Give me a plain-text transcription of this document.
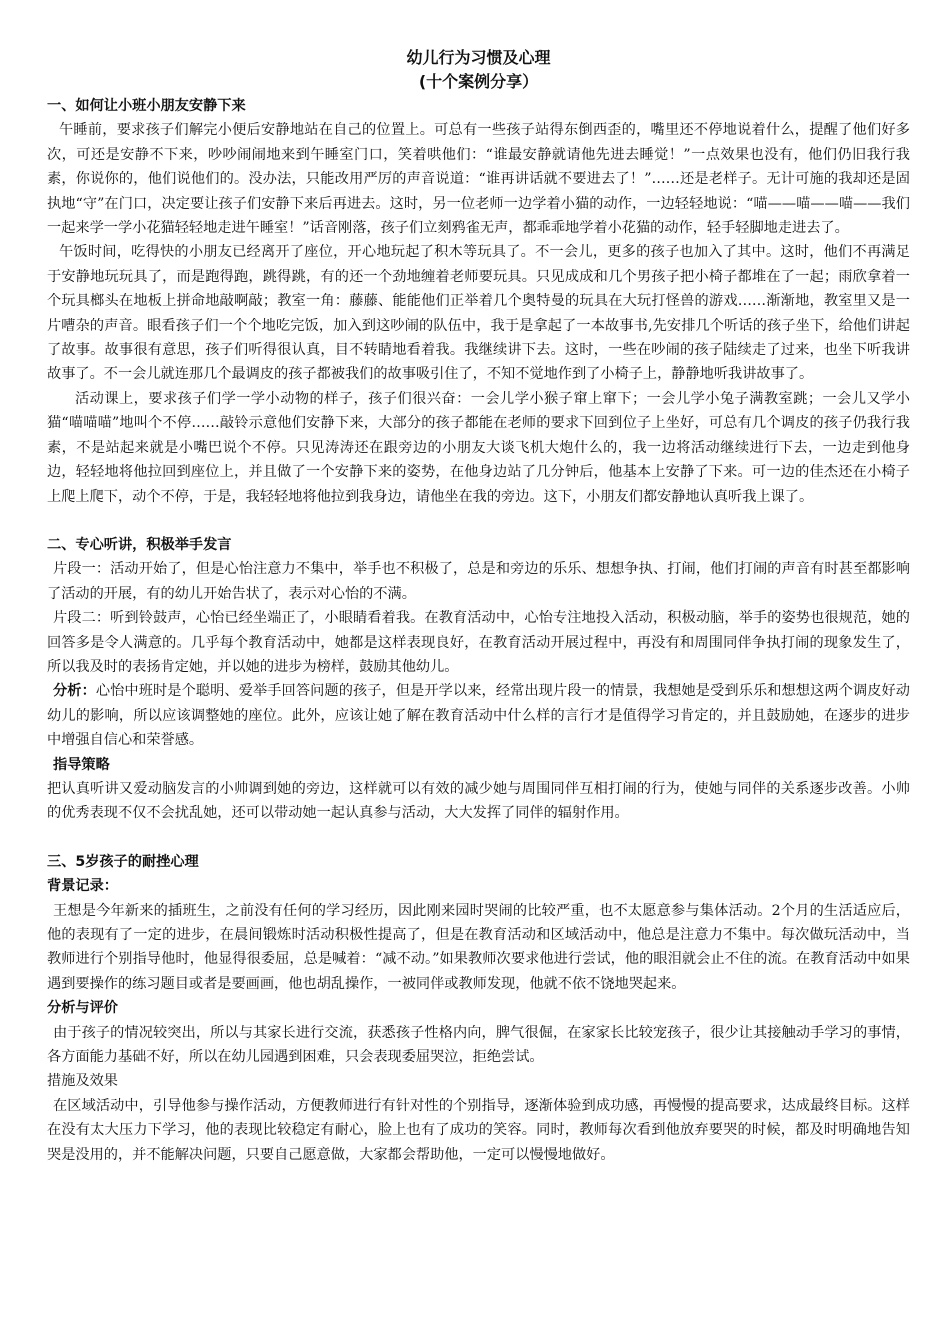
幼儿行为习惯及心理
(十个案例分享）
一、如何让小班小朋友安静下来

午睡前，要求孩子们解完小便后安静地站在自己的位置上。可总有一些孩子站得东倒西歪的，嘴里还不停地说着什么，提醒了他们好多次，可还是安静不下来，吵吵闹闹地来到午睡室门口，笑着哄他们：“谁最安静就请他先进去睡觉！”一点效果也没有，他们仍旧我行我素，你说你的，他们说他们的。没办法，只能改用严厉的声音说道：“谁再讲话就不要进去了！”……还是老样子。无计可施的我却还是固执地“守”在门口，决定要让孩子们安静下来后再进去。这时，另一位老师一边学着小猫的动作，一边轻轻地说：“喵——喵——喵——我们一起来学一学小花猫轻轻地走进午睡室！”话音刚落，孩子们立刻鸦雀无声，都乖乖地学着小花猫的动作，轻手轻脚地走进去了。

午饭时间，吃得快的小朋友已经离开了座位，开心地玩起了积木等玩具了。不一会儿，更多的孩子也加入了其中。这时，他们不再满足于安静地玩玩具了，而是跑得跑，跳得跳，有的还一个劲地缠着老师要玩具。只见成成和几个男孩子把小椅子都堆在了一起；雨欣拿着一个玩具榔头在地板上拼命地敲啊敲；教室一角：藤藤、能能他们正举着几个奥特曼的玩具在大玩打怪兽的游戏……渐渐地，教室里又是一片嘈杂的声音。眼看孩子们一个个地吃完饭，加入到这吵闹的队伍中，我于是拿起了一本故事书,先安排几个听话的孩子坐下，给他们讲起了故事。故事很有意思，孩子们听得很认真，目不转睛地看着我。我继续讲下去。这时，一些在吵闹的孩子陆续走了过来，也坐下听我讲故事了。不一会儿就连那几个最调皮的孩子都被我们的故事吸引住了，不知不觉地作到了小椅子上，静静地听我讲故事了。

活动课上，要求孩子们学一学小动物的样子，孩子们很兴奋：一会儿学小猴子窜上窜下；一会儿学小兔子满教室跳；一会儿又学小猫“喵喵喵”地叫个不停……敲铃示意他们安静下来，大部分的孩子都能在老师的要求下回到位子上坐好，可总有几个调皮的孩子仍我行我素，不是站起来就是小嘴巴说个不停。只见涛涛还在跟旁边的小朋友大谈飞机大炮什么的，我一边将活动继续进行下去，一边走到他身边，轻轻地将他拉回到座位上，并且做了一个安静下来的姿势，在他身边站了几分钟后，他基本上安静了下来。可一边的佳杰还在小椅子上爬上爬下，动个不停，于是，我轻轻地将他拉到我身边，请他坐在我的旁边。这下，小朋友们都安静地认真听我上课了。

二、专心听讲，积极举手发言

片段一：活动开始了，但是心怡注意力不集中，举手也不积极了，总是和旁边的乐乐、想想争执、打闹，他们打闹的声音有时甚至都影响了活动的开展，有的幼儿开始告状了，表示对心怡的不满。

片段二：听到铃鼓声，心怡已经坐端正了，小眼睛看着我。在教育活动中，心怡专注地投入活动，积极动脑，举手的姿势也很规范，她的回答多是令人满意的。几乎每个教育活动中，她都是这样表现良好，在教育活动开展过程中，再没有和周围同伴争执打闹的现象发生了，所以我及时的表扬肯定她，并以她的进步为榜样，鼓励其他幼儿。

分析：心怡中班时是个聪明、爱举手回答问题的孩子，但是开学以来，经常出现片段一的情景，我想她是受到乐乐和想想这两个调皮好动幼儿的影响，所以应该调整她的座位。此外，应该让她了解在教育活动中什么样的言行才是值得学习肯定的，并且鼓励她，在逐步的进步中增强自信心和荣誉感。

指导策略

把认真听讲又爱动脑发言的小帅调到她的旁边，这样就可以有效的减少她与周围同伴互相打闹的行为，使她与同伴的关系逐步改善。小帅的优秀表现不仅不会扰乱她，还可以带动她一起认真参与活动，大大发挥了同伴的辐射作用。

三、5岁孩子的耐挫心理
背景记录：

王想是今年新来的插班生，之前没有任何的学习经历，因此刚来园时哭闹的比较严重，也不太愿意参与集体活动。2个月的生活适应后，他的表现有了一定的进步，在晨间锻炼时活动积极性提高了，但是在教育活动和区域活动中，他总是注意力不集中。每次做玩活动中，当教师进行个别指导他时，他显得很委屈，总是喊着：“减不动。”如果教师次要求他进行尝试，他的眼泪就会止不住的流。在教育活动中如果遇到要操作的练习题目或者是要画画，他也胡乱操作，一被同伴或教师发现，他就不依不饶地哭起来。

分析与评价

由于孩子的情况较突出，所以与其家长进行交流，获悉孩子性格内向，脾气很倔，在家家长比较宠孩子，很少让其接触动手学习的事情，各方面能力基础不好，所以在幼儿园遇到困难，只会表现委屈哭泣，拒绝尝试。

措施及效果

在区域活动中，引导他参与操作活动，方便教师进行有针对性的个别指导，逐渐体验到成功感，再慢慢的提高要求，达成最终目标。这样在没有太大压力下学习，他的表现比较稳定有耐心，脸上也有了成功的笑容。同时，教师每次看到他放弃要哭的时候，都及时明确地告知哭是没用的，并不能解决问题，只要自己愿意做，大家都会帮助他，一定可以慢慢地做好。
